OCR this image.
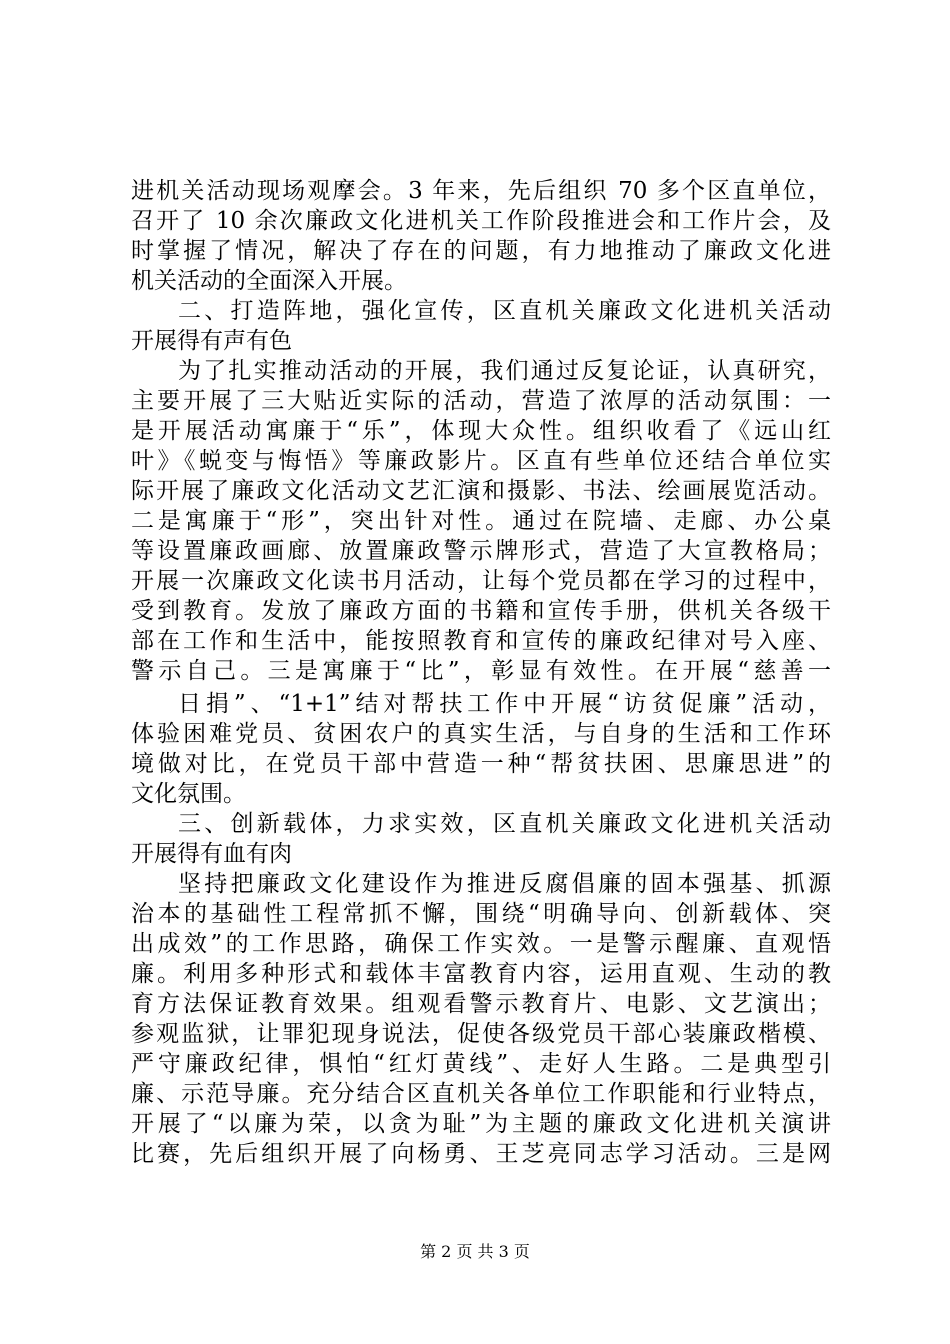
进机关活动现场观摩会。3 年来，先后组织 70 多个区直单位，
召开了 10 余次廉政文化进机关工作阶段推进会和工作片会，及
时掌握了情况，解决了存在的问题，有力地推动了廉政文化进
机关活动的全面深入开展。
二、打造阵地，强化宣传，区直机关廉政文化进机关活动
开展得有声有色
为了扎实推动活动的开展，我们通过反复论证，认真研究，
主要开展了三大贴近实际的活动，营造了浓厚的活动氛围：一
是开展活动寓廉于“乐”，体现大众性。组织收看了《远山红
叶》《蜕变与悔悟》等廉政影片。区直有些单位还结合单位实
际开展了廉政文化活动文艺汇演和摄影、书法、绘画展览活动。
二是寓廉于“形”，突出针对性。通过在院墙、走廊、办公桌
等设置廉政画廊、放置廉政警示牌形式，营造了大宣教格局；
开展一次廉政文化读书月活动，让每个党员都在学习的过程中，
受到教育。发放了廉政方面的书籍和宣传手册，供机关各级干
部在工作和生活中，能按照教育和宣传的廉政纪律对号入座、
警示自己。三是寓廉于“比”，彰显有效性。在开展“慈善一
日捐”、“1+1”结对帮扶工作中开展“访贫促廉”活动，
体验困难党员、贫困农户的真实生活，与自身的生活和工作环
境做对比，在党员干部中营造一种“帮贫扶困、思廉思进”的
文化氛围。
三、创新载体，力求实效，区直机关廉政文化进机关活动
开展得有血有肉
坚持把廉政文化建设作为推进反腐倡廉的固本强基、抓源
治本的基础性工程常抓不懈，围绕“明确导向、创新载体、突
出成效”的工作思路，确保工作实效。一是警示醒廉、直观悟
廉。利用多种形式和载体丰富教育内容，运用直观、生动的教
育方法保证教育效果。组观看警示教育片、电影、文艺演出；
参观监狱，让罪犯现身说法，促使各级党员干部心装廉政楷模、
严守廉政纪律，惧怕“红灯黄线”、走好人生路。二是典型引
廉、示范导廉。充分结合区直机关各单位工作职能和行业特点，
开展了“以廉为荣，以贪为耻”为主题的廉政文化进机关演讲
比赛，先后组织开展了向杨勇、王芝亮同志学习活动。三是网
第 2 页 共 3 页
